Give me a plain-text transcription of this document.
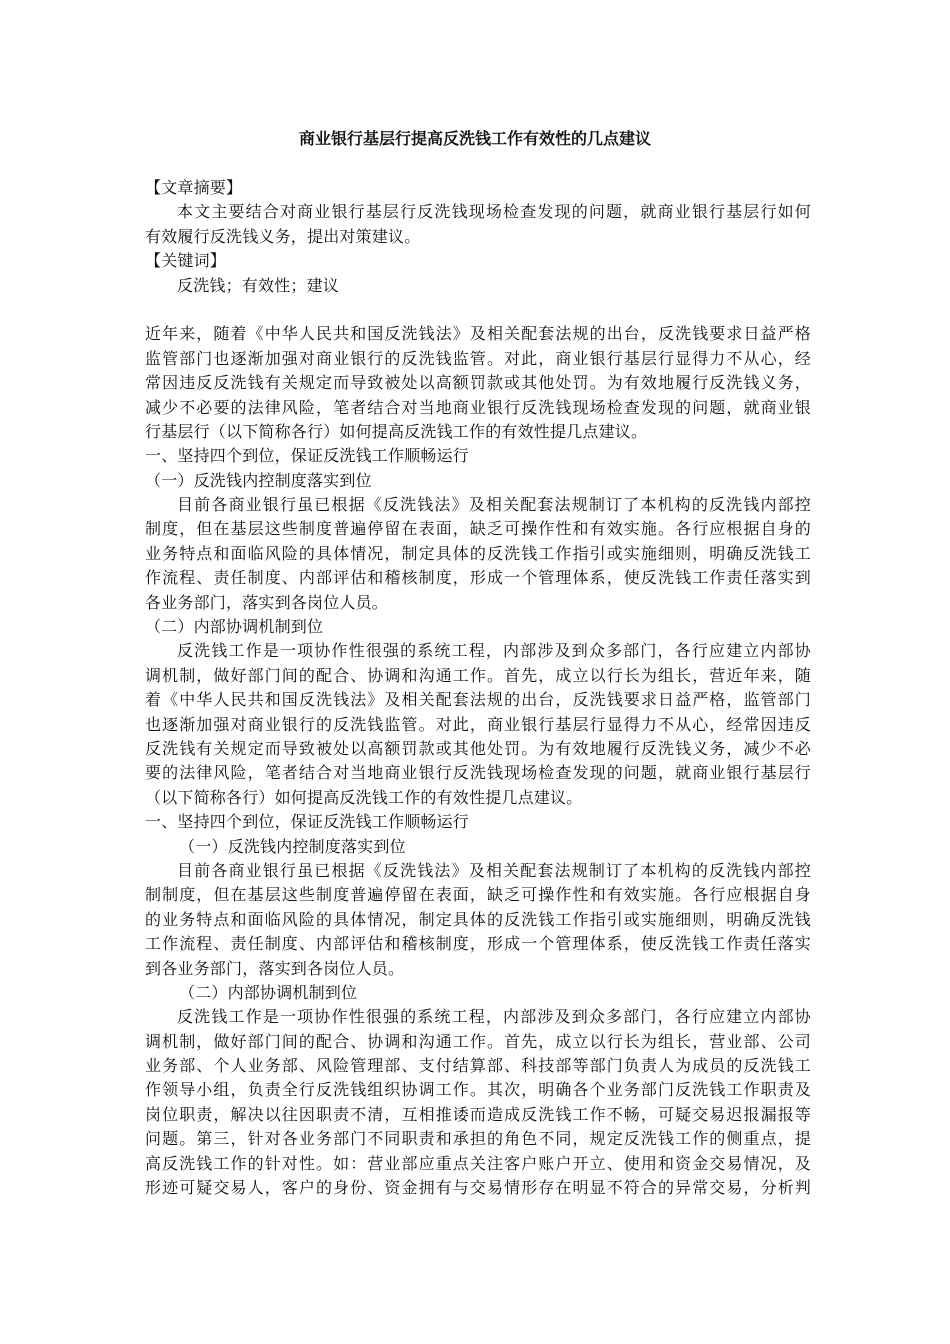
商业银行基层行提高反洗钱工作有效性的几点建议
【文章摘要】
本文主要结合对商业银行基层行反洗钱现场检查发现的问题，就商业银行基层行如何
有效履行反洗钱义务，提出对策建议。
【关键词】
反洗钱；有效性；建议
近年来，随着《中华人民共和国反洗钱法》及相关配套法规的出台，反洗钱要求日益严格
监管部门也逐渐加强对商业银行的反洗钱监管。对此，商业银行基层行显得力不从心，经
常因违反反洗钱有关规定而导致被处以高额罚款或其他处罚。为有效地履行反洗钱义务，
减少不必要的法律风险，笔者结合对当地商业银行反洗钱现场检查发现的问题，就商业银
行基层行（以下简称各行）如何提高反洗钱工作的有效性提几点建议。
一、坚持四个到位，保证反洗钱工作顺畅运行
（一）反洗钱内控制度落实到位
目前各商业银行虽已根据《反洗钱法》及相关配套法规制订了本机构的反洗钱内部控
制度，但在基层这些制度普遍停留在表面，缺乏可操作性和有效实施。各行应根据自身的
业务特点和面临风险的具体情况，制定具体的反洗钱工作指引或实施细则，明确反洗钱工
作流程、责任制度、内部评估和稽核制度，形成一个管理体系，使反洗钱工作责任落实到
各业务部门，落实到各岗位人员。
（二）内部协调机制到位
反洗钱工作是一项协作性很强的系统工程，内部涉及到众多部门，各行应建立内部协
调机制，做好部门间的配合、协调和沟通工作。首先，成立以行长为组长，营近年来，随
着《中华人民共和国反洗钱法》及相关配套法规的出台，反洗钱要求日益严格，监管部门
也逐渐加强对商业银行的反洗钱监管。对此，商业银行基层行显得力不从心，经常因违反
反洗钱有关规定而导致被处以高额罚款或其他处罚。为有效地履行反洗钱义务，减少不必
要的法律风险，笔者结合对当地商业银行反洗钱现场检查发现的问题，就商业银行基层行
（以下简称各行）如何提高反洗钱工作的有效性提几点建议。
一、坚持四个到位，保证反洗钱工作顺畅运行
（一）反洗钱内控制度落实到位
目前各商业银行虽已根据《反洗钱法》及相关配套法规制订了本机构的反洗钱内部控
制制度，但在基层这些制度普遍停留在表面，缺乏可操作性和有效实施。各行应根据自身
的业务特点和面临风险的具体情况，制定具体的反洗钱工作指引或实施细则，明确反洗钱
工作流程、责任制度、内部评估和稽核制度，形成一个管理体系，使反洗钱工作责任落实
到各业务部门，落实到各岗位人员。
（二）内部协调机制到位
反洗钱工作是一项协作性很强的系统工程，内部涉及到众多部门，各行应建立内部协
调机制，做好部门间的配合、协调和沟通工作。首先，成立以行长为组长，营业部、公司
业务部、个人业务部、风险管理部、支付结算部、科技部等部门负责人为成员的反洗钱工
作领导小组，负责全行反洗钱组织协调工作。其次，明确各个业务部门反洗钱工作职责及
岗位职责，解决以往因职责不清，互相推诿而造成反洗钱工作不畅，可疑交易迟报漏报等
问题。第三，针对各业务部门不同职责和承担的角色不同，规定反洗钱工作的侧重点，提
高反洗钱工作的针对性。如：营业部应重点关注客户账户开立、使用和资金交易情况，及
形迹可疑交易人，客户的身份、资金拥有与交易情形存在明显不符合的异常交易，分析判
